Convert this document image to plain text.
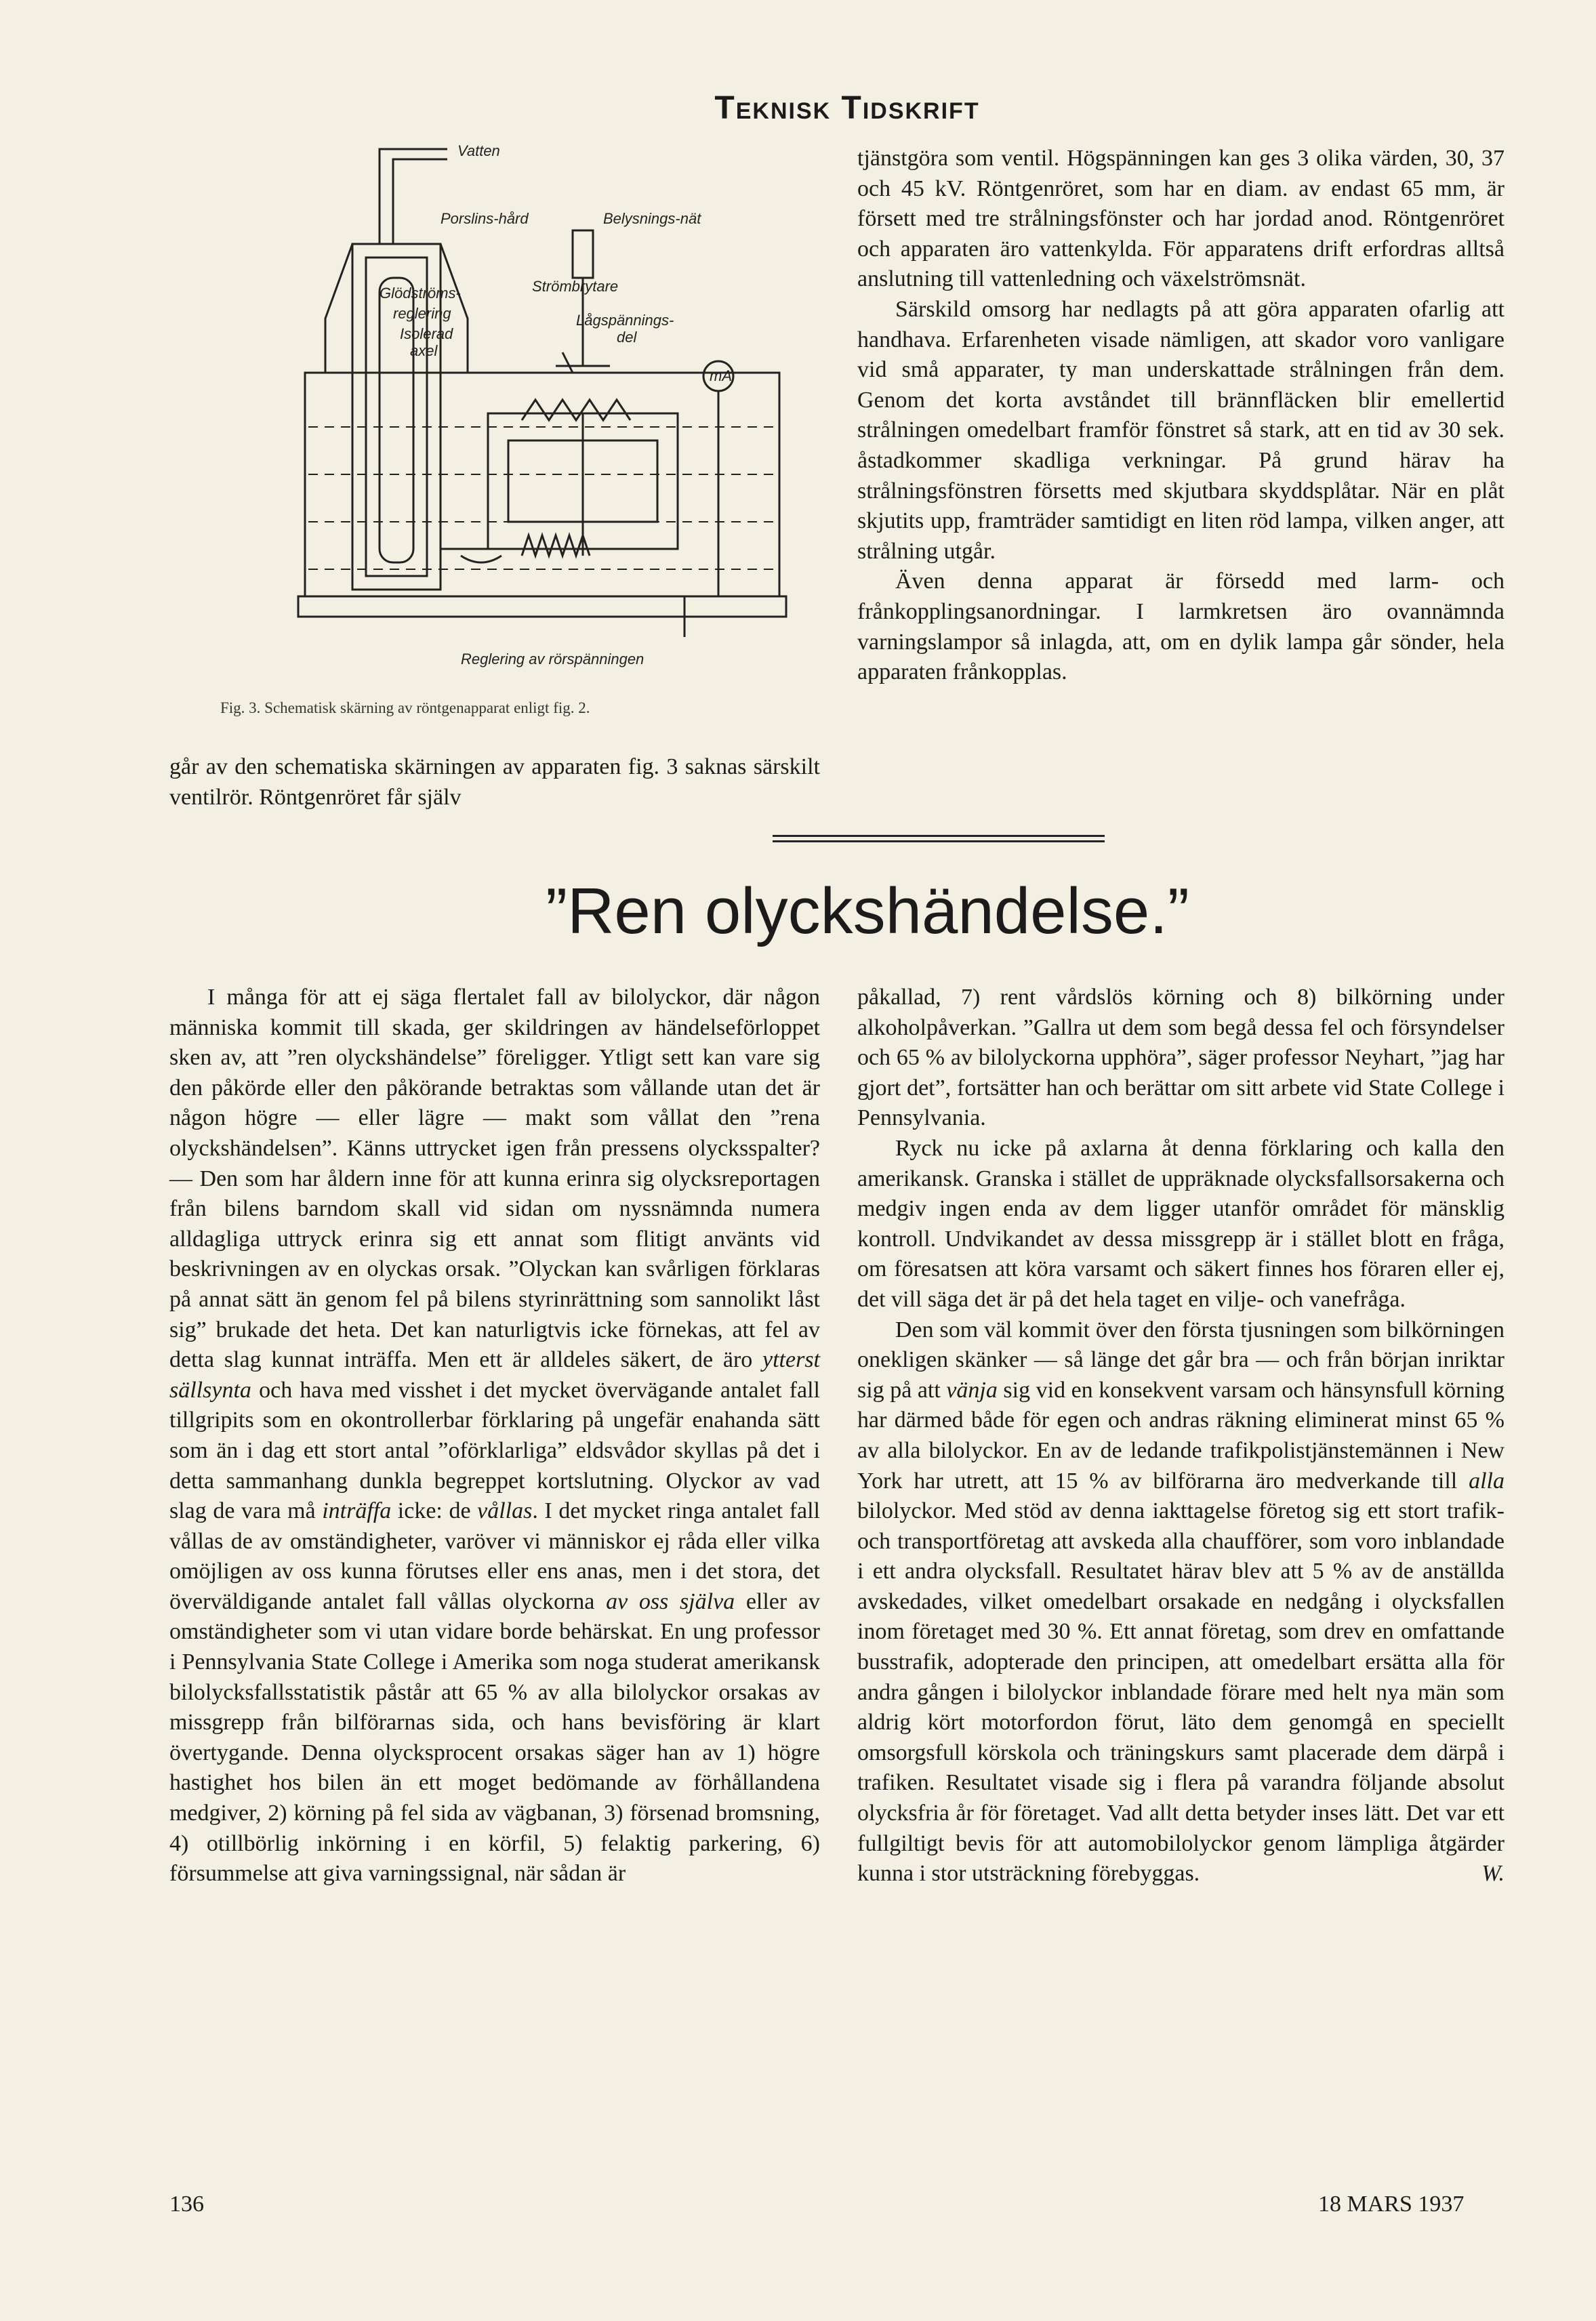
Teknisk Tidskrift
Vatten
Porslins-hård	Belysnings-nät
Glödströms-
reglering
Strömbrytare
Isolerad
axel
Lågspännings-
del
mA
Reglering av rörspänningen
Fig. 3. Schematisk skärning av röntgenapparat enligt fig. 2.

går av den schematiska skärningen av apparaten fig. 3 saknas särskilt ventilrör. Röntgenröret får själv

tjänstgöra som ventil. Högspänningen kan ges 3 olika värden, 30, 37 och 45 kV. Röntgenröret, som har en diam. av endast 65 mm, är försett med tre strålningsfönster och har jordad anod. Röntgenröret och apparaten äro vattenkylda. För apparatens drift erfordras alltså anslutning till vattenledning och växelströmsnät.

Särskild omsorg har nedlagts på att göra apparaten ofarlig att handhava. Erfarenheten visade nämligen, att skador voro vanligare vid små apparater, ty man underskattade strålningen från dem. Genom det korta avståndet till brännfläcken blir emellertid strålningen omedelbart framför fönstret så stark, att en tid av 30 sek. åstadkommer skadliga verkningar. På grund härav ha strålningsfönstren försetts med skjutbara skyddsplåtar. När en plåt skjutits upp, framträder samtidigt en liten röd lampa, vilken anger, att strålning utgår.

Även denna apparat är försedd med larm- och frånkopplingsanordningar. I larmkretsen äro ovannämnda varningslampor så inlagda, att, om en dylik lampa går sönder, hela apparaten frånkopplas.

”Ren olyckshändelse.”

I många för att ej säga flertalet fall av bilolyckor, där någon människa kommit till skada, ger skildringen av händelseförloppet sken av, att ”ren olyckshändelse” föreligger. Ytligt sett kan vare sig den påkörde eller den påkörande betraktas som vållande utan det är någon högre — eller lägre — makt som vållat den ”rena olyckshändelsen”. Känns uttrycket igen från pressens olycksspalter? — Den som har åldern inne för att kunna erinra sig olycksreportagen från bilens barndom skall vid sidan om nyssnämnda numera alldagliga uttryck erinra sig ett annat som flitigt använts vid beskrivningen av en olyckas orsak. ”Olyckan kan svårligen förklaras på annat sätt än genom fel på bilens styrinrättning som sannolikt låst sig” brukade det heta. Det kan naturligtvis icke förnekas, att fel av detta slag kunnat inträffa. Men ett är alldeles säkert, de äro ytterst sällsynta och hava med visshet i det mycket övervägande antalet fall tillgripits som en okontrollerbar förklaring på ungefär enahanda sätt som än i dag ett stort antal ”oförklarliga” eldsvådor skyllas på det i detta sammanhang dunkla begreppet kortslutning. Olyckor av vad slag de vara må inträffa icke: de vållas. I det mycket ringa antalet fall vållas de av omständigheter, varöver vi människor ej råda eller vilka omöjligen av oss kunna förutses eller ens anas, men i det stora, det överväldigande antalet fall vållas olyckorna av oss själva eller av omständigheter som vi utan vidare borde behärskat. En ung professor i Pennsylvania State College i Amerika som noga studerat amerikansk bilolycksfallsstatistik påstår att 65 % av alla bilolyckor orsakas av missgrepp från bilförarnas sida, och hans bevisföring är klart övertygande. Denna olycksprocent orsakas säger han av 1) högre hastighet hos bilen än ett moget bedömande av förhållandena medgiver, 2) körning på fel sida av vägbanan, 3) försenad bromsning, 4) otillbörlig inkörning i en körfil, 5) felaktig parkering, 6) försummelse att giva varningssignal, när sådan är

påkallad, 7) rent vårdslös körning och 8) bilkörning under alkoholpåverkan. ”Gallra ut dem som begå dessa fel och försyndelser och 65 % av bilolyckorna upphöra”, säger professor Neyhart, ”jag har gjort det”, fortsätter han och berättar om sitt arbete vid State College i Pennsylvania.

Ryck nu icke på axlarna åt denna förklaring och kalla den amerikansk. Granska i stället de uppräknade olycksfallsorsakerna och medgiv ingen enda av dem ligger utanför området för mänsklig kontroll. Undvikandet av dessa missgrepp är i stället blott en fråga, om föresatsen att köra varsamt och säkert finnes hos föraren eller ej, det vill säga det är på det hela taget en vilje- och vanefråga.

Den som väl kommit över den första tjusningen som bilkörningen onekligen skänker — så länge det går bra — och från början inriktar sig på att vänja sig vid en konsekvent varsam och hänsynsfull körning har därmed både för egen och andras räkning eliminerat minst 65 % av alla bilolyckor. En av de ledande trafikpolistjänstemännen i New York har utrett, att 15 % av bilförarna äro medverkande till alla bilolyckor. Med stöd av denna iakttagelse företog sig ett stort trafik- och transportföretag att avskeda alla chaufförer, som voro inblandade i ett andra olycksfall. Resultatet härav blev att 5 % av de anställda avskedades, vilket omedelbart orsakade en nedgång i olycksfallen inom företaget med 30 %. Ett annat företag, som drev en omfattande busstrafik, adopterade den principen, att omedelbart ersätta alla för andra gången i bilolyckor inblandade förare med helt nya män som aldrig kört motorfordon förut, läto dem genomgå en speciellt omsorgsfull körskola och träningskurs samt placerade dem därpå i trafiken. Resultatet visade sig i flera på varandra följande absolut olycksfria år för företaget. Vad allt detta betyder inses lätt. Det var ett fullgiltigt bevis för att automobilolyckor genom lämpliga åtgärder kunna i stor utsträckning förebyggas.	W.

136	18 MARS 1937
